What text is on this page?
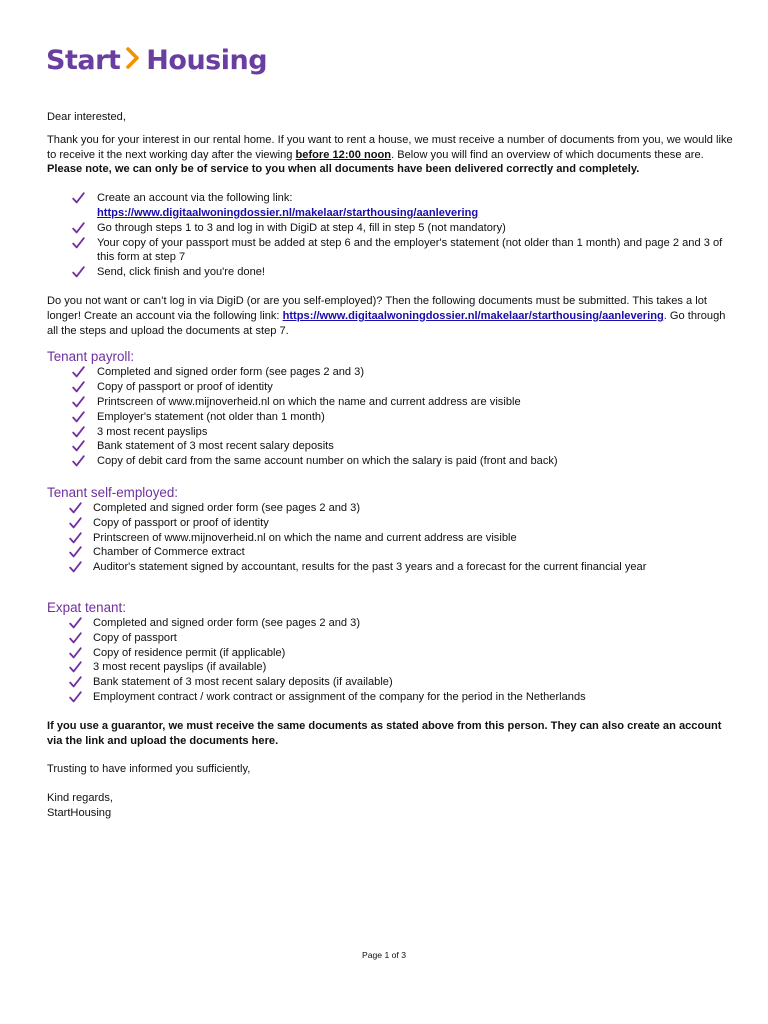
Start Housing

Dear interested,

Thank you for your interest in our rental home. If you want to rent a house, we must receive a number of documents from you, we would like to receive it the next working day after the viewing before 12:00 noon. Below you will find an overview of which documents these are. Please note, we can only be of service to you when all documents have been delivered correctly and completely.

Create an account via the following link:
https://www.digitaalwoningdossier.nl/makelaar/starthousing/aanlevering
Go through steps 1 to 3 and log in with DigiD at step 4, fill in step 5 (not mandatory)
Your copy of your passport must be added at step 6 and the employer's statement (not older than 1 month) and page 2 and 3 of this form at step 7
Send, click finish and you're done!

Do you not want or can’t log in via DigiD (or are you self-employed)? Then the following documents must be submitted. This takes a lot longer! Create an account via the following link: https://www.digitaalwoningdossier.nl/makelaar/starthousing/aanlevering. Go through all the steps and upload the documents at step 7.

Tenant payroll:
Completed and signed order form (see pages 2 and 3)
Copy of passport or proof of identity
Printscreen of www.mijnoverheid.nl on which the name and current address are visible
Employer's statement (not older than 1 month)
3 most recent payslips
Bank statement of 3 most recent salary deposits
Copy of debit card from the same account number on which the salary is paid (front and back)
Tenant self-employed:
Completed and signed order form (see pages 2 and 3)
Copy of passport or proof of identity
Printscreen of www.mijnoverheid.nl on which the name and current address are visible
Chamber of Commerce extract
Auditor's statement signed by accountant, results for the past 3 years and a forecast for the current financial year
Expat tenant:
Completed and signed order form (see pages 2 and 3)
Copy of passport
Copy of residence permit (if applicable)
3 most recent payslips (if available)
Bank statement of 3 most recent salary deposits (if available)
Employment contract / work contract or assignment of the company for the period in the Netherlands

If you use a guarantor, we must receive the same documents as stated above from this person. They can also create an account via the link and upload the documents here.

Trusting to have informed you sufficiently,

Kind regards,

StartHousing

Page 1 of 3
